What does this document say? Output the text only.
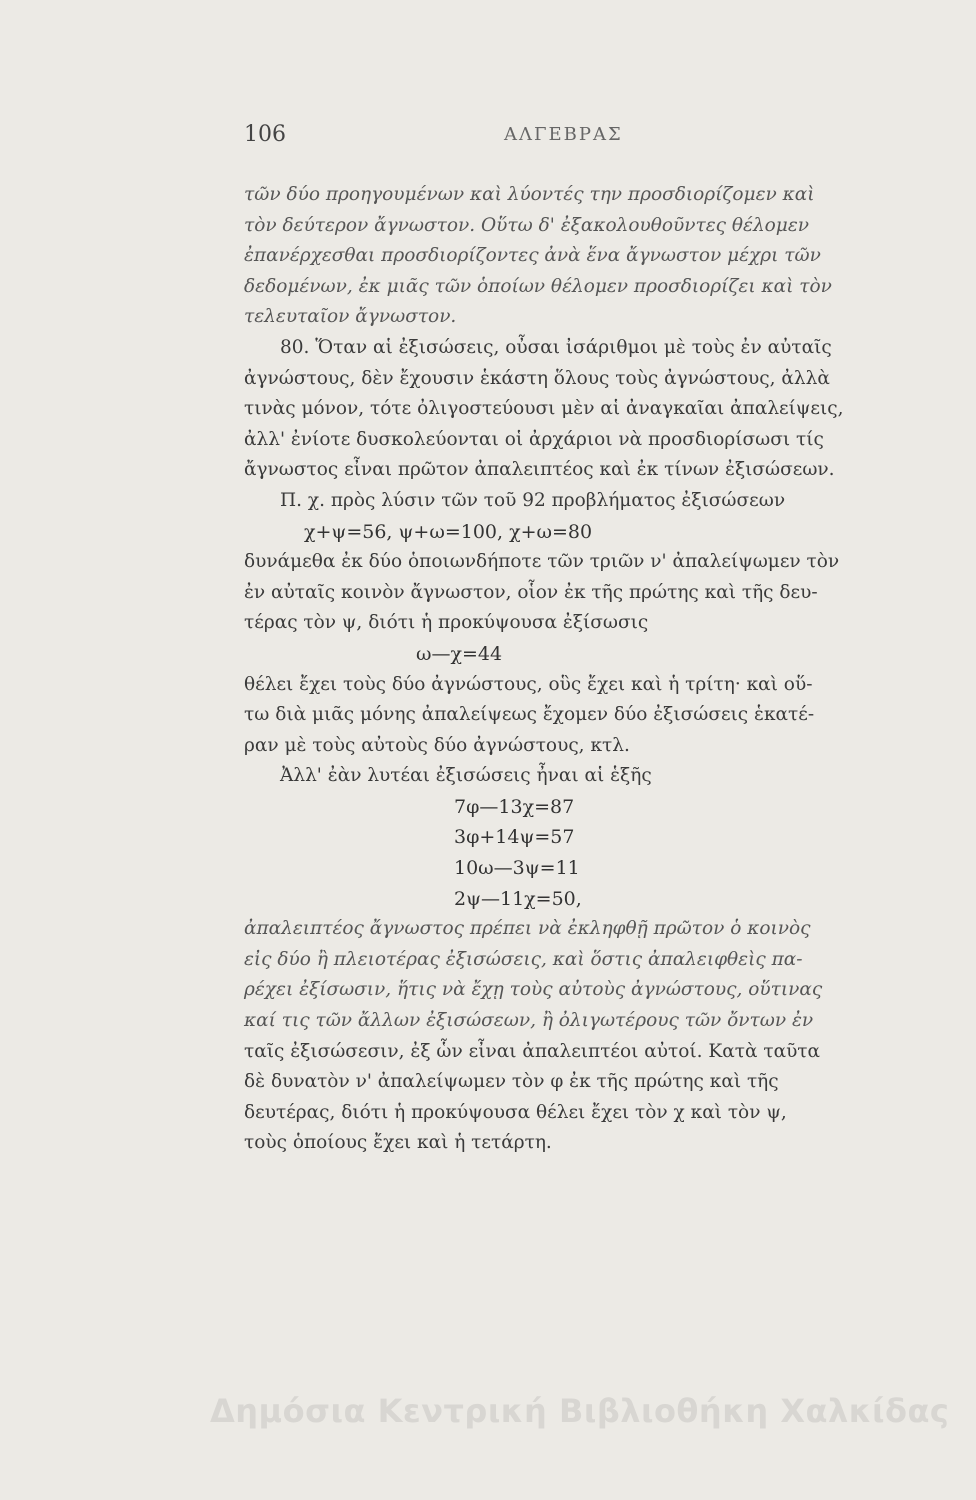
106	ΑΛΓΕΒΡΑΣ
τῶν δύο προηγουμένων καὶ λύοντές την προσδιορίζομεν καὶ
τὸν δεύτερον ἄγνωστον. Οὕτω δ' ἐξακολουθοῦντες θέλομεν
ἐπανέρχεσθαι προσδιορίζοντες ἀνὰ ἕνα ἄγνωστον μέχρι τῶν
δεδομένων, ἐκ μιᾶς τῶν ὁποίων θέλομεν προσδιορίζει καὶ τὸν
τελευταῖον ἄγνωστον.
80. Ὅταν αἱ ἐξισώσεις, οὖσαι ἰσάριθμοι μὲ τοὺς ἐν αὐταῖς
ἀγνώστους, δὲν ἔχουσιν ἑκάστη ὅλους τοὺς ἀγνώστους, ἀλλὰ
τινὰς μόνον, τότε ὀλιγοστεύουσι μὲν αἱ ἀναγκαῖαι ἀπαλείψεις,
ἀλλ' ἐνίοτε δυσκολεύονται οἱ ἀρχάριοι νὰ προσδιορίσωσι τίς
ἄγνωστος εἶναι πρῶτον ἀπαλειπτέος καὶ ἐκ τίνων ἐξισώσεων.
Π. χ. πρὸς λύσιν τῶν τοῦ 92 προβλήματος ἐξισώσεων
χ+ψ=56, ψ+ω=100, χ+ω=80
δυνάμεθα ἐκ δύο ὁποιωνδήποτε τῶν τριῶν ν' ἀπαλείψωμεν τὸν
ἐν αὐταῖς κοινὸν ἄγνωστον, οἷον ἐκ τῆς πρώτης καὶ τῆς δευ-
τέρας τὸν ψ, διότι ἡ προκύψουσα ἐξίσωσις
ω—χ=44
θέλει ἔχει τοὺς δύο ἀγνώστους, οὓς ἔχει καὶ ἡ τρίτη· καὶ οὕ-
τω διὰ μιᾶς μόνης ἀπαλείψεως ἔχομεν δύο ἐξισώσεις ἑκατέ-
ραν μὲ τοὺς αὐτοὺς δύο ἀγνώστους, κτλ.
Ἀλλ' ἐὰν λυτέαι ἐξισώσεις ἦναι αἱ ἑξῆς
7φ—13χ=87
3φ+14ψ=57
10ω—3ψ=11
2ψ—11χ=50,
ἀπαλειπτέος ἄγνωστος πρέπει νὰ ἐκληφθῇ πρῶτον ὁ κοινὸς
εἰς δύο ἢ πλειοτέρας ἐξισώσεις, καὶ ὅστις ἀπαλειφθεὶς πα-
ρέχει ἐξίσωσιν, ἥτις νὰ ἔχῃ τοὺς αὐτοὺς ἀγνώστους, οὕτινας
καί τις τῶν ἄλλων ἐξισώσεων, ἢ ὀλιγωτέρους τῶν ὄντων ἐν
ταῖς ἐξισώσεσιν, ἐξ ὧν εἶναι ἀπαλειπτέοι αὐτοί. Κατὰ ταῦτα
δὲ δυνατὸν ν' ἀπαλείψωμεν τὸν φ ἐκ τῆς πρώτης καὶ τῆς
δευτέρας, διότι ἡ προκύψουσα θέλει ἔχει τὸν χ καὶ τὸν ψ,
τοὺς ὁποίους ἔχει καὶ ἡ τετάρτη.
Δημόσια Κεντρική Βιβλιοθήκη Χαλκίδας
